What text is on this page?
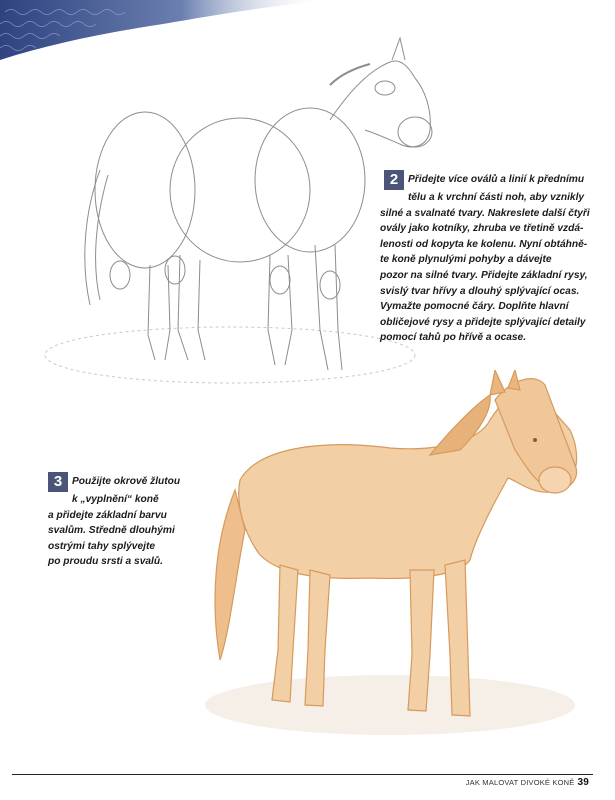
2 Přidejte více oválů a linií k přednímu
tělu a k vrchní části noh, aby vznikly
silné a svalnaté tvary. Nakreslete další čtyři
ovály jako kotníky, zhruba ve třetině vzdá-
lenosti od kopyta ke kolenu. Nyní obtáhně-
te koně plynulými pohyby a dávejte
pozor na silné tvary. Přidejte základní rysy,
svislý tvar hřívy a dlouhý splývající ocas.
Vymažte pomocné čáry. Doplňte hlavní
obličejové rysy a přidejte splývající detaily
pomocí tahů po hřívě a ocase.
3 Použijte okrově žlutou
k „vyplnění“ koně
a přidejte základní barvu
svalům. Středně dlouhými
ostrými tahy splývejte
po proudu srsti a svalů.
JAK MALOVAT DIVOKÉ KONĚ 39
